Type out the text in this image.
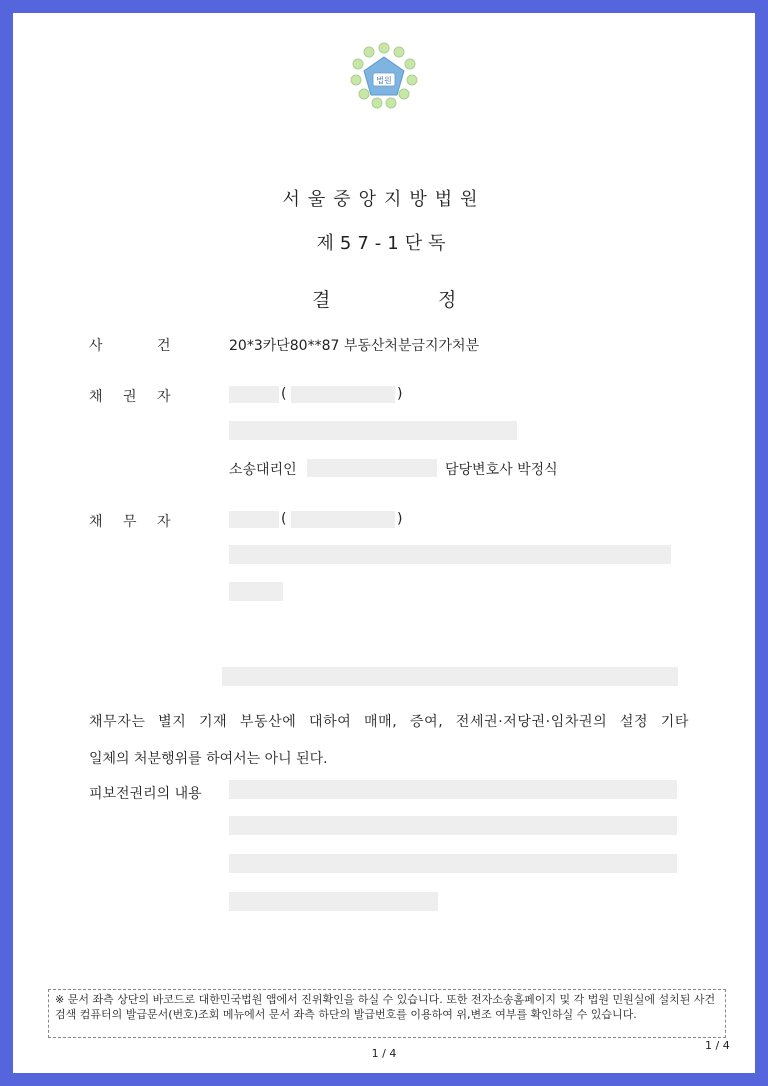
법원
서울중앙지방법원
제57-1단독
결	정
사	건	20*3카단80**87 부동산처분금지가처분
채 권 자	(	)
소송대리인	담당변호사 박정식
채 무 자	(	)
채무자는 별지 기재 부동산에 대하여 매매, 증여, 전세권·저당권·임차권의 설정 기타
일체의 처분행위를 하여서는 아니 된다.
피보전권리의 내용
※ 문서 좌측 상단의 바코드로 대한민국법원 앱에서 진위확인을 하실 수 있습니다. 또한 전자소송홈페이지 및 각 법원 민원실에 설치된 사건검색 컴퓨터의 발급문서(번호)조회 메뉴에서 문서 좌측 하단의 발급번호를 이용하여 위,변조 여부를 확인하실 수 있습니다.
1 / 4
1 / 4
